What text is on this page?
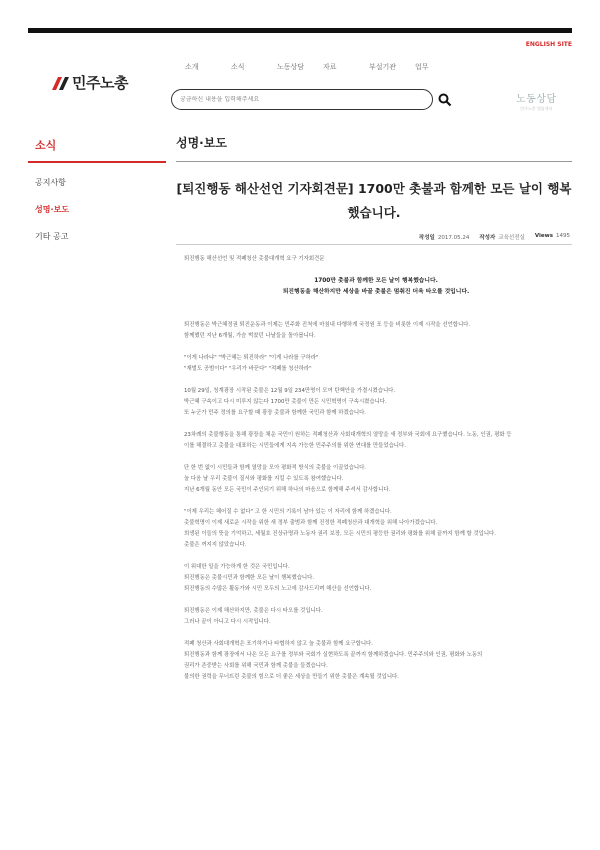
ENGLISH SITE
소개	소식	노동상담	자료	부설기관	업무
민주노총
궁금하신 내용을 입력해주세요
노동상담
민주노총 법률센터
소식
공지사항
성명·보도
기타 공고
성명·보도
[퇴진행동 해산선언 기자회견문] 1700만 촛불과 함께한 모든 날이 행복했습니다.
작성일 2017.05.24 작성자 교육선전실 Views 1495

퇴진행동 해산선언 및 적폐청산 촛불대개혁 요구 기자회견문

1700만 촛불과 함께한 모든 날이 행복했습니다.

퇴진행동을 해산하지만 세상을 바꿀 촛불은 멈춰진 더욱 타오를 것입니다.

퇴진행동은 박근혜정권 퇴진운동과 이제는 민주화 진척에 마침내 다행하게 국정원 포 등을 비롯한 이제 시작을 선언합니다.

함께했던 지난 6개월, 가슴 벅찼던 나날들을 돌아봅니다.

"이게 나라냐" "박근혜는 퇴진하라" "이게 나라를 구하라"

"재벌도 공범이다" "우리가 바꾼다" "적폐를 청산하라"

10월 29일, 청계광장 시작된 촛불은 12월 9일 234만명이 모여 탄핵안을 가결시켰습니다.

박근혜 구속이고 다시 미루지 않는다 1700만 촛불이 만든 시민혁명이 구속시켰습니다.

또 누군가 민주 정의를 요구할 때 광장 촛불과 함께한 국민과 함께 하겠습니다.

23차례의 촛불행동을 통해 광장을 채운 국민이 원하는 적폐청산과 사회대개혁의 열망을 새 정부와 국회에 요구했습니다. 노동, 인권, 평화 등

이를 해결하고 촛불을 대표하는 시민들에게 지속 가능한 민주주의를 위한 연대를 만들었습니다.

단 한 번 없이 시민들과 함께 열망을 모아 평화적 방식의 촛불을 이끌었습니다.

늘 다음 날 우리 촛불이 질서와 평화를 지킬 수 있도록 참여했습니다.

지난 6개월 동안 모든 국민이 주인되기 위해 하나의 마음으로 함께해 주셔서 감사합니다.

"이제 우리는 헤어질 수 없다" 고 한 시민의 기록이 남아 있는 이 자리에 함께 하겠습니다.

촛불혁명이 이제 새로운 시작을 위한 새 정부 출범과 함께 진정한 적폐청산과 대개혁을 위해 나아가겠습니다.

희생된 이들의 뜻을 기억하고, 세월호 진상규명과 노동자 권리 보장, 모든 시민의 평등한 권리와 평화를 위해 끝까지 함께 할 것입니다.

촛불은 꺼지지 않았습니다.

이 위대한 일을 가능하게 한 것은 국민입니다.

퇴진행동은 촛불시민과 함께한 모든 날이 행복했습니다.

퇴진행동의 수많은 활동가와 시민 모두의 노고에 감사드리며 해산을 선언합니다.

퇴진행동은 이제 해산하지만, 촛불은 다시 타오를 것입니다.

그러나 끝이 아니고 다시 시작입니다.

적폐 청산과 사회대개혁은 포기하거나 타협하지 않고 늘 촛불과 함께 요구합니다.

퇴진행동과 함께 광장에서 나온 모든 요구를 정부와 국회가 실현하도록 끝까지 함께하겠습니다. 민주주의와 인권, 평화와 노동의

권리가 존중받는 사회를 위해 국민과 함께 촛불을 들겠습니다.

불의한 권력을 무너뜨린 촛불의 힘으로 더 좋은 세상을 만들기 위한 촛불은 계속될 것입니다.
